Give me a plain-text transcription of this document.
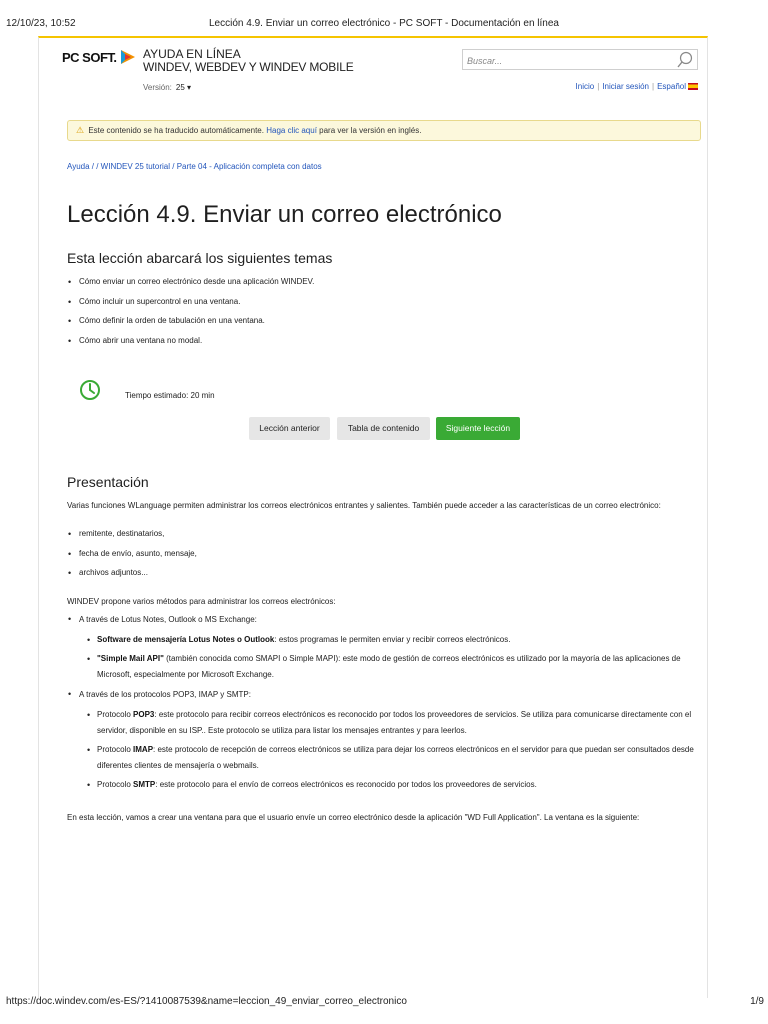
12/10/23, 10:52	Lección 4.9. Enviar un correo electrónico - PC SOFT - Documentación en línea
PC SOFT. AYUDA EN LÍNEA
WINDEV, WEBDEV Y WINDEV MOBILE
Buscar...
Versión: 25 ▾	Inicio | Iniciar sesión | Español
⚠ Este contenido se ha traducido automáticamente. Haga clic aquí para ver la versión en inglés.
Ayuda / / WINDEV 25 tutorial / Parte 04 - Aplicación completa con datos
Lección 4.9. Enviar un correo electrónico
Esta lección abarcará los siguientes temas
• Cómo enviar un correo electrónico desde una aplicación WINDEV.
• Cómo incluir un supercontrol en una ventana.
• Cómo definir la orden de tabulación en una ventana.
• Cómo abrir una ventana no modal.
Tiempo estimado: 20 min
Lección anterior	Tabla de contenido	Siguiente lección
Presentación

Varias funciones WLanguage permiten administrar los correos electrónicos entrantes y salientes. También puede acceder a las características de un correo electrónico:

• remitente, destinatarios,
• fecha de envío, asunto, mensaje,
• archivos adjuntos...

WINDEV propone varios métodos para administrar los correos electrónicos:

• A través de Lotus Notes, Outlook o MS Exchange:
• Software de mensajería Lotus Notes o Outlook: estos programas le permiten enviar y recibir correos electrónicos.
• "Simple Mail API" (también conocida como SMAPI o Simple MAPI): este modo de gestión de correos electrónicos es utilizado por la mayoría de las aplicaciones de Microsoft, especialmente por Microsoft Exchange.
• A través de los protocolos POP3, IMAP y SMTP:
• Protocolo POP3: este protocolo para recibir correos electrónicos es reconocido por todos los proveedores de servicios. Se utiliza para comunicarse directamente con el servidor, disponible en su ISP.. Este protocolo se utiliza para listar los mensajes entrantes y para leerlos.
• Protocolo IMAP: este protocolo de recepción de correos electrónicos se utiliza para dejar los correos electrónicos en el servidor para que puedan ser consultados desde diferentes clientes de mensajería o webmails.
• Protocolo SMTP: este protocolo para el envío de correos electrónicos es reconocido por todos los proveedores de servicios.

En esta lección, vamos a crear una ventana para que el usuario envíe un correo electrónico desde la aplicación "WD Full Application". La ventana es la siguiente:

https://doc.windev.com/es-ES/?1410087539&name=leccion_49_enviar_correo_electronico	1/9
